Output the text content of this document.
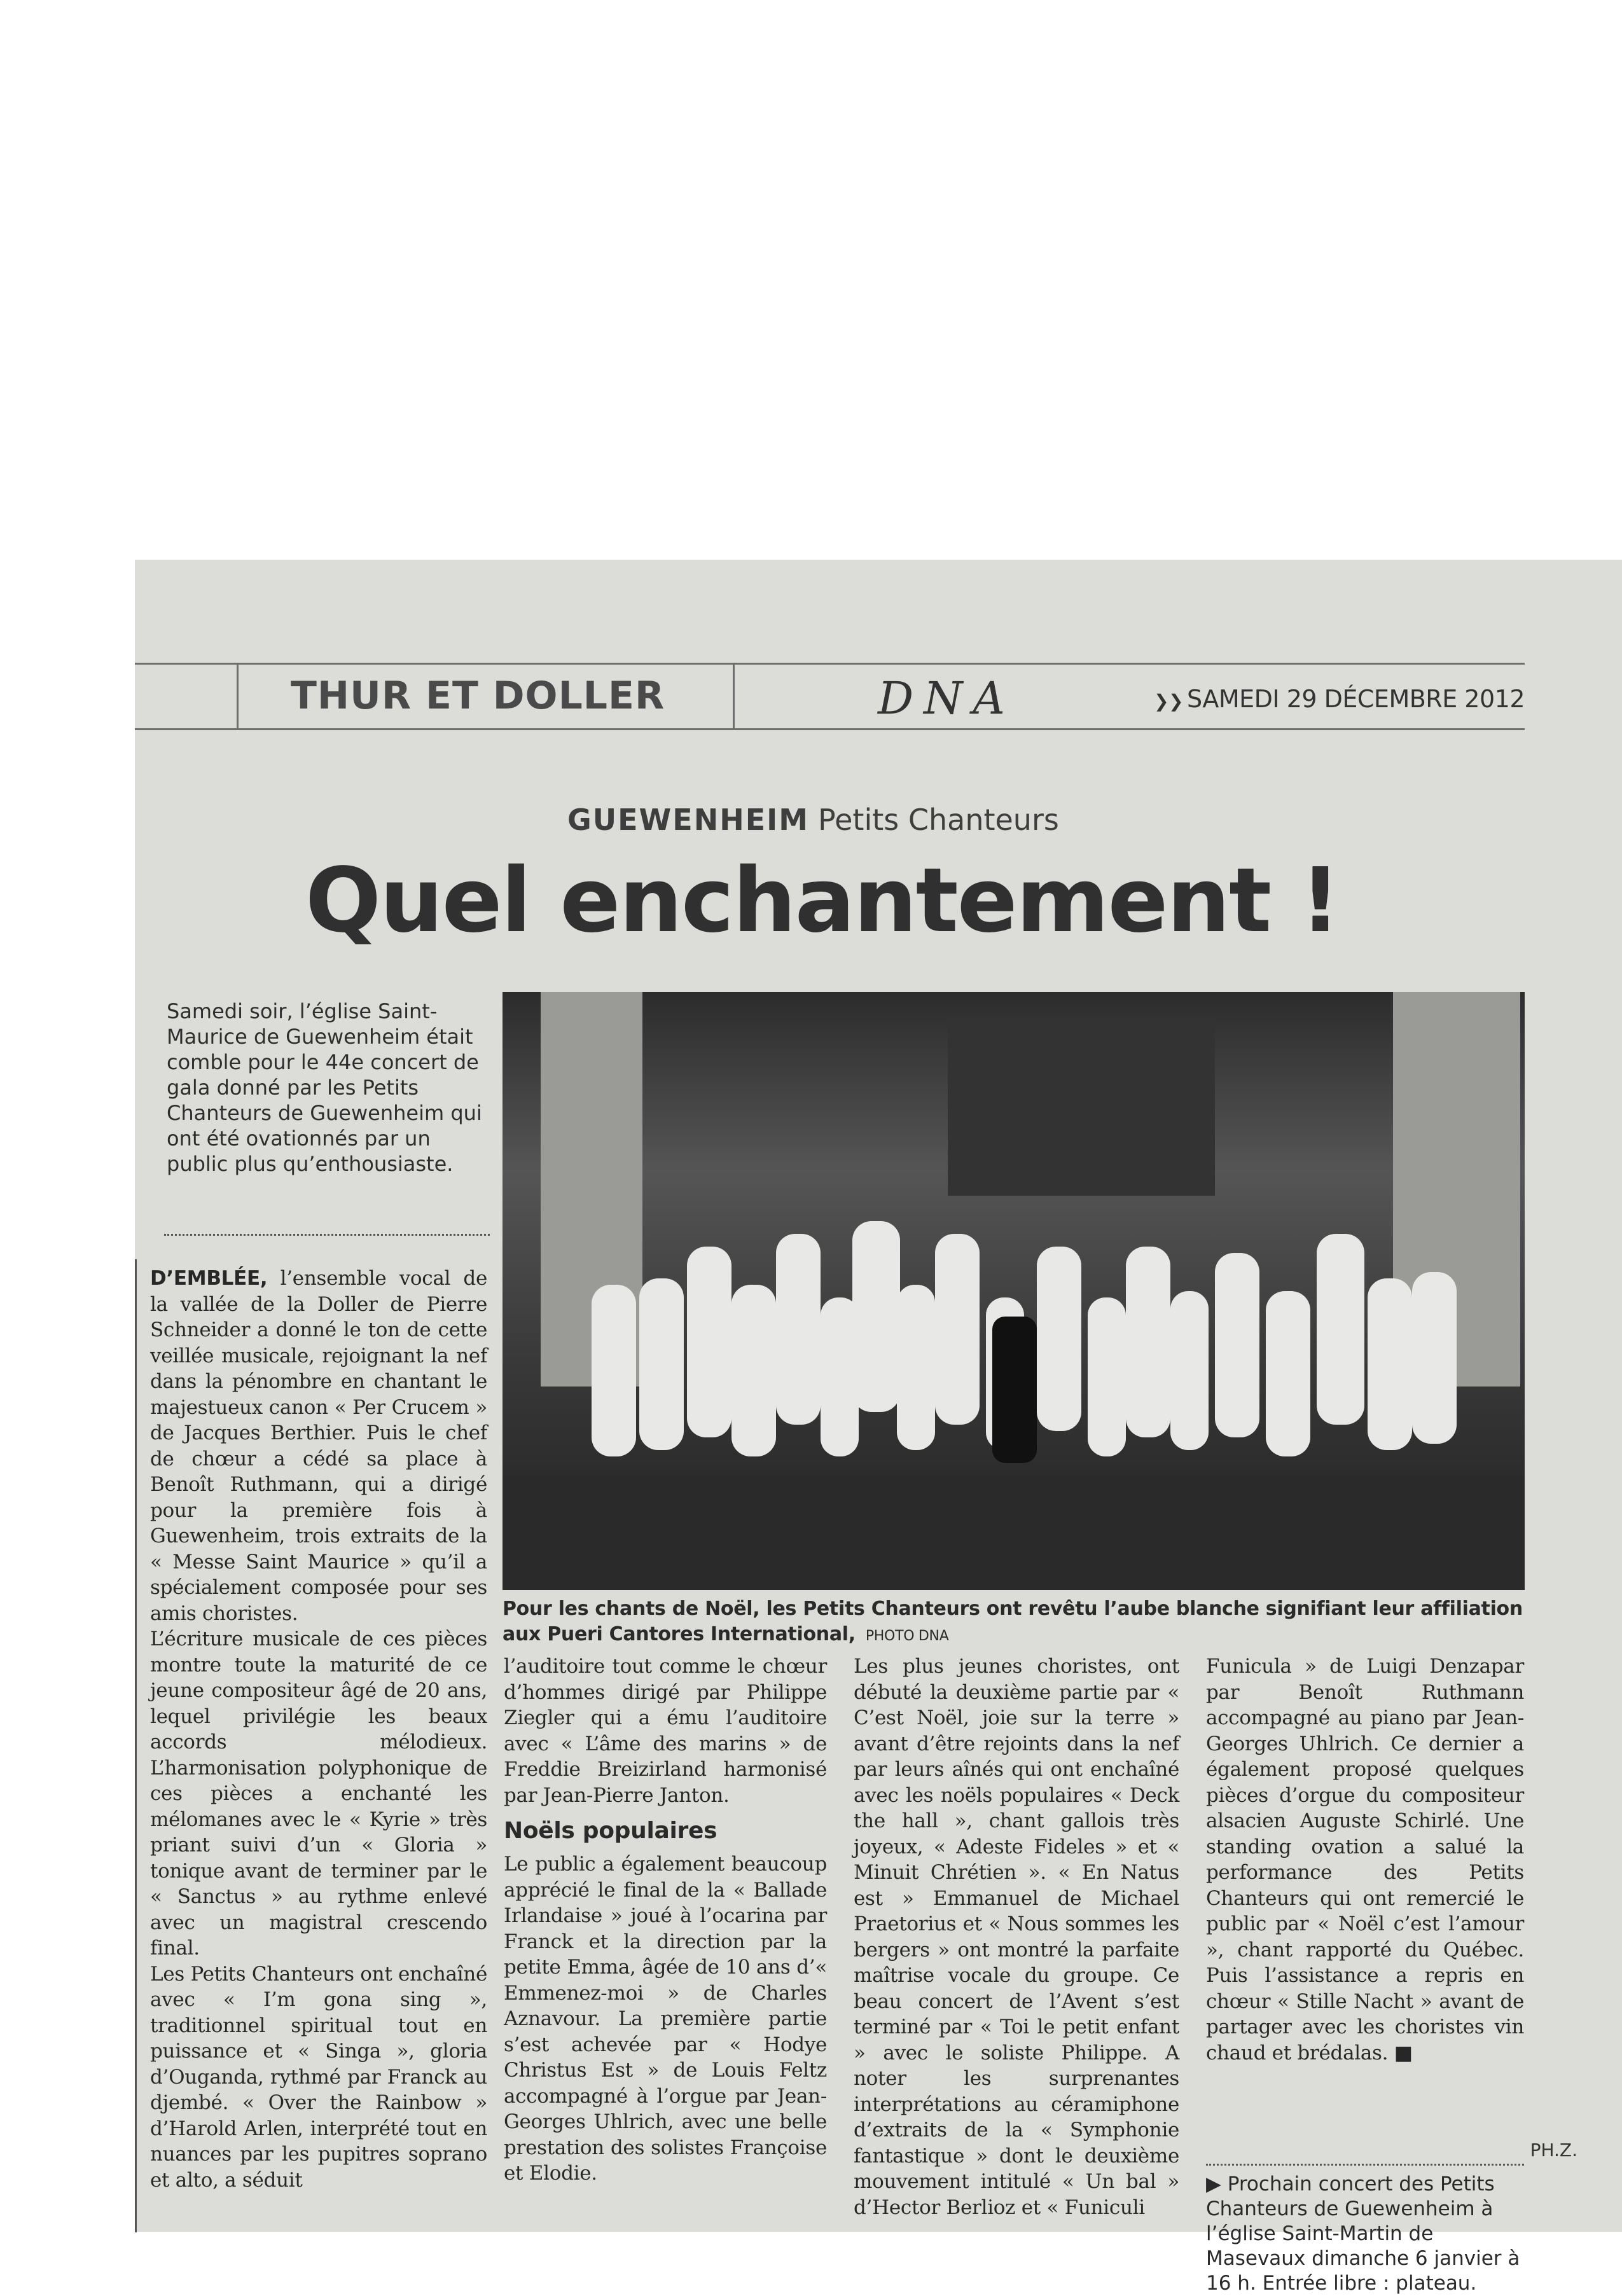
THUR ET DOLLER	DNA	❯❯ SAMEDI 29 DÉCEMBRE 2012
GUEWENHEIM Petits Chanteurs
Quel enchantement !
Samedi soir, l’église Saint-Maurice de Guewenheim était comble pour le 44e concert de gala donné par les Petits Chanteurs de Guewenheim qui ont été ovationnés par un public plus qu’enthousiaste.
Pour les chants de Noël, les Petits Chanteurs ont revêtu l’aube blanche signifiant leur affiliation aux Pueri Cantores International, PHOTO DNA

D’EMBLÉE, l’ensemble vocal de la vallée de la Doller de Pierre Schneider a donné le ton de cette veillée musicale, rejoignant la nef dans la pénombre en chantant le majestueux canon « Per Crucem » de Jacques Berthier. Puis le chef de chœur a cédé sa place à Benoît Ruthmann, qui a dirigé pour la première fois à Guewenheim, trois extraits de la « Messe Saint Maurice » qu’il a spécialement composée pour ses amis choristes.

L’écriture musicale de ces pièces montre toute la maturité de ce jeune compositeur âgé de 20 ans, lequel privilégie les beaux accords mélodieux. L’harmonisation polyphonique de ces pièces a enchanté les mélomanes avec le « Kyrie » très priant suivi d’un « Gloria » tonique avant de terminer par le « Sanctus » au rythme enlevé avec un magistral crescendo final.

Les Petits Chanteurs ont enchaîné avec « I’m gona sing », traditionnel spiritual tout en puissance et « Singa », gloria d’Ouganda, rythmé par Franck au djembé. « Over the Rainbow » d’Harold Arlen, interprété tout en nuances par les pupitres soprano et alto, a séduit

l’auditoire tout comme le chœur d’hommes dirigé par Philippe Ziegler qui a ému l’auditoire avec « L’âme des marins » de Freddie Breizirland harmonisé par Jean-Pierre Janton.

Noëls populaires

Le public a également beaucoup apprécié le final de la « Ballade Irlandaise » joué à l’ocarina par Franck et la direction par la petite Emma, âgée de 10 ans d’« Emmenez-moi » de Charles Aznavour. La première partie s’est achevée par « Hodye Christus Est » de Louis Feltz accompagné à l’orgue par Jean-Georges Uhlrich, avec une belle prestation des solistes Françoise et Elodie.

Les plus jeunes choristes, ont débuté la deuxième partie par « C’est Noël, joie sur la terre » avant d’être rejoints dans la nef par leurs aînés qui ont enchaîné avec les noëls populaires « Deck the hall », chant gallois très joyeux, « Adeste Fideles » et « Minuit Chrétien ». « En Natus est » Emmanuel de Michael Praetorius et « Nous sommes les bergers » ont montré la parfaite maîtrise vocale du groupe. Ce beau concert de l’Avent s’est terminé par « Toi le petit enfant » avec le soliste Philippe. A noter les surprenantes interprétations au céramiphone d’extraits de la « Symphonie fantastique » dont le deuxième mouvement intitulé « Un bal » d’Hector Berlioz et « Funiculi

Funicula » de Luigi Denzapar par Benoît Ruthmann accompagné au piano par Jean-Georges Uhlrich. Ce dernier a également proposé quelques pièces d’orgue du compositeur alsacien Auguste Schirlé. Une standing ovation a salué la performance des Petits Chanteurs qui ont remercié le public par « Noël c’est l’amour », chant rapporté du Québec. Puis l’assistance a repris en chœur « Stille Nacht » avant de partager avec les choristes vin chaud et brédalas. ■

PH.Z.
▶ Prochain concert des Petits Chanteurs de Guewenheim à l’église Saint-Martin de Masevaux dimanche 6 janvier à 16 h. Entrée libre : plateau.
